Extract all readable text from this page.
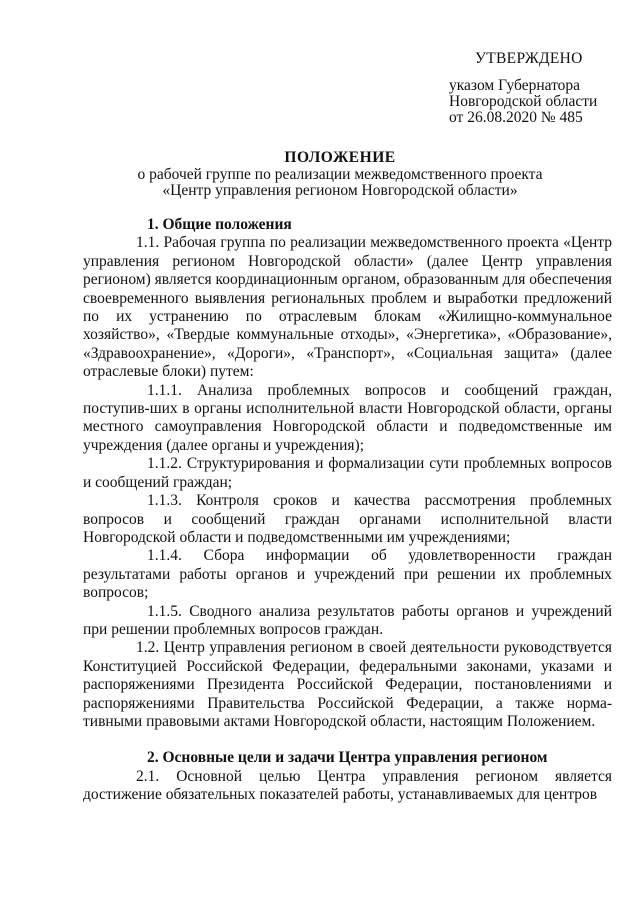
УТВЕРЖДЕНО
указом Губернатора
Новгородской области
от 26.08.2020 № 485
ПОЛОЖЕНИЕ
о рабочей группе по реализации межведомственного проекта
«Центр управления регионом Новгородской области»
1. Общие положения

1.1. Рабочая группа по реализации межведомственного проекта «Центр управления регионом Новгородской области» (далее Центр управления регионом) является координационным органом, образованным для обеспечения своевременного выявления региональных проблем и выработки предложений по их устранению по отраслевым блокам «Жилищно-коммунальное хозяйство», «Твердые коммунальные отходы», «Энергетика», «Образование», «Здравоохранение», «Дороги», «Транспорт», «Социальная защита» (далее отраслевые блоки) путем:

1.1.1. Анализа проблемных вопросов и сообщений граждан, поступив-ших в органы исполнительной власти Новгородской области, органы местного самоуправления Новгородской области и подведомственные им учреждения (далее органы и учреждения);

1.1.2. Структурирования и формализации сути проблемных вопросов и сообщений граждан;

1.1.3. Контроля сроков и качества рассмотрения проблемных вопросов и сообщений граждан органами исполнительной власти Новгородской области и подведомственными им учреждениями;

1.1.4. Сбора информации об удовлетворенности граждан результатами работы органов и учреждений при решении их проблемных вопросов;

1.1.5. Сводного анализа результатов работы органов и учреждений при решении проблемных вопросов граждан.

1.2. Центр управления регионом в своей деятельности руководствуется Конституцией Российской Федерации, федеральными законами, указами и распоряжениями Президента Российской Федерации, постановлениями и распоряжениями Правительства Российской Федерации, а также норма-тивными правовыми актами Новгородской области, настоящим Положением.

2. Основные цели и задачи Центра управления регионом

2.1. Основной целью Центра управления регионом является достижение обязательных показателей работы, устанавливаемых для центров
